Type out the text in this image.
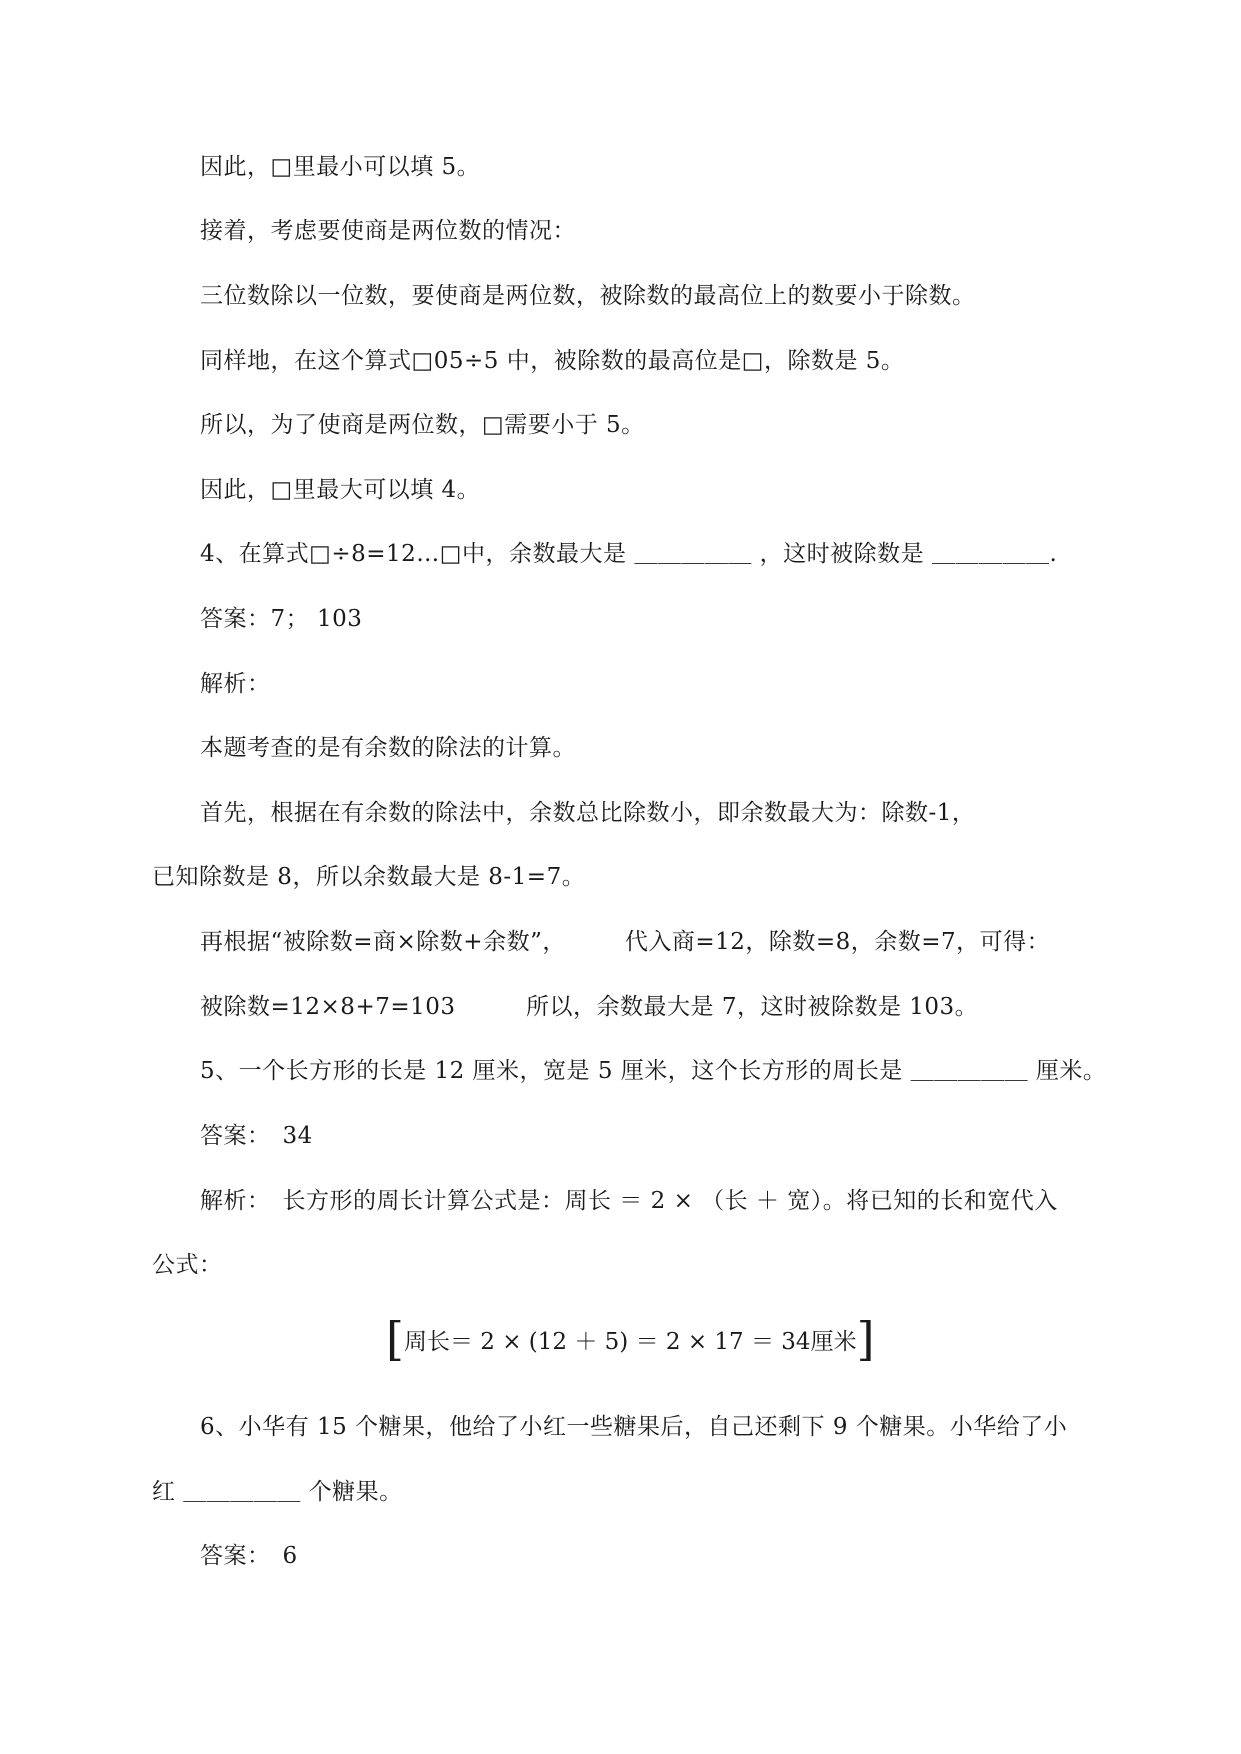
因此，□里最小可以填 5。
接着，考虑要使商是两位数的情况：
三位数除以一位数，要使商是两位数，被除数的最高位上的数要小于除数。
同样地，在这个算式□05÷5 中，被除数的最高位是□，除数是 5。
所以，为了使商是两位数，□需要小于 5。
因此，□里最大可以填 4。
4、在算式□÷8=12…□中，余数最大是 ＿＿＿＿＿ ，这时被除数是 ＿＿＿＿＿.
答案：7； 103
解析：
本题考查的是有余数的除法的计算。
首先，根据在有余数的除法中，余数总比除数小，即余数最大为：除数-1，
已知除数是 8，所以余数最大是 8-1=7。
再根据“被除数=商×除数+余数”，　　　代入商=12，除数=8，余数=7，可得：
被除数=12×8+7=103　　　所以，余数最大是 7，这时被除数是 103。
5、一个长方形的长是 12 厘米，宽是 5 厘米，这个长方形的周长是 ＿＿＿＿＿ 厘米。
答案：　34
解析：　长方形的周长计算公式是：周长 ＝ 2 × （长 ＋ 宽）。将已知的长和宽代入
公式：
[周长＝ 2 × (12 ＋ 5) ＝ 2 × 17 ＝ 34厘米]
6、小华有 15 个糖果，他给了小红一些糖果后，自己还剩下 9 个糖果。小华给了小
红 ＿＿＿＿＿ 个糖果。
答案：　6
